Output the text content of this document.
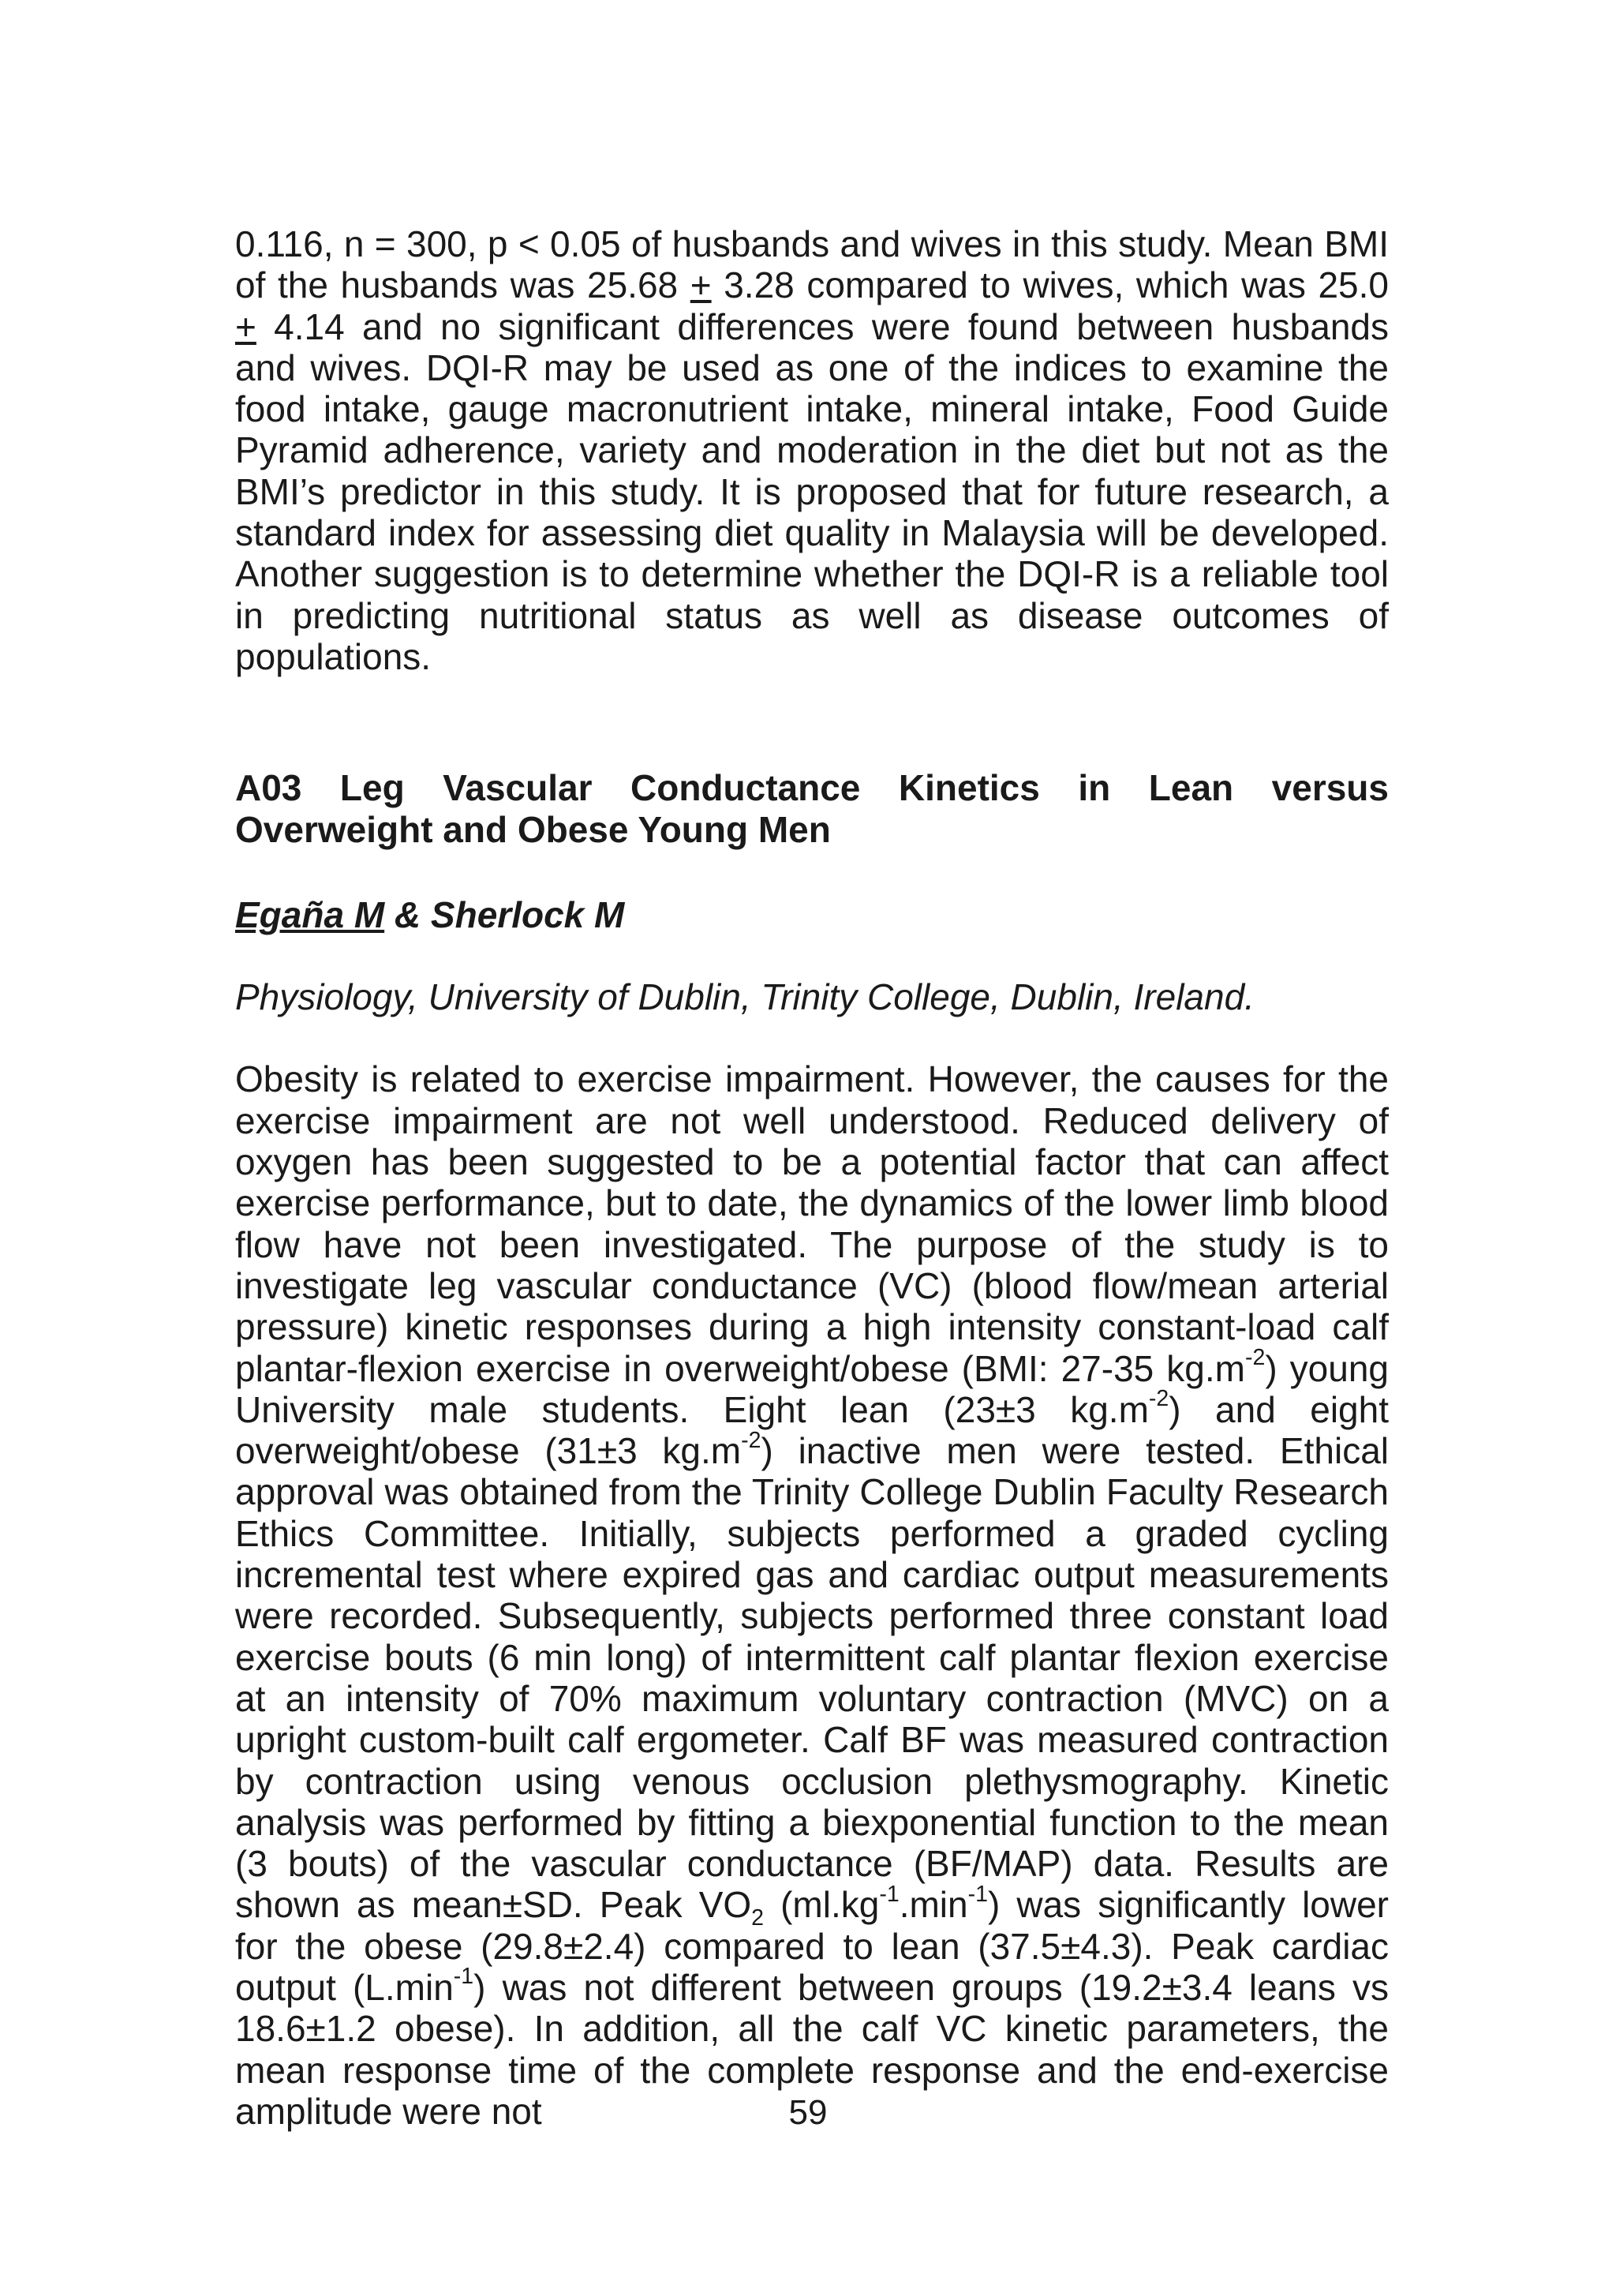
0.116, n = 300, p < 0.05 of husbands and wives in this study. Mean BMI of the husbands was 25.68 + 3.28 compared to wives, which was 25.0 + 4.14 and no significant differences were found between husbands and wives. DQI-R may be used as one of the indices to examine the food intake, gauge macronutrient intake, mineral intake, Food Guide Pyramid adherence, variety and moderation in the diet but not as the BMI’s predictor in this study. It is proposed that for future research, a standard index for assessing diet quality in Malaysia will be developed. Another suggestion is to determine whether the DQI-R is a reliable tool in predicting nutritional status as well as disease outcomes of populations.

A03 Leg Vascular Conductance Kinetics in Lean versus Overweight and Obese Young Men

Egaña M & Sherlock M

Physiology, University of Dublin, Trinity College, Dublin, Ireland.

Obesity is related to exercise impairment. However, the causes for the exercise impairment are not well understood. Reduced delivery of oxygen has been suggested to be a potential factor that can affect exercise performance, but to date, the dynamics of the lower limb blood flow have not been investigated. The purpose of the study is to investigate leg vascular conductance (VC) (blood flow/mean arterial pressure) kinetic responses during a high intensity constant-load calf plantar-flexion exercise in overweight/obese (BMI: 27-35 $kg.m^{-2}$) young University male students. Eight lean (23±3 $kg.m^{-2}$) and eight overweight/obese (31±3 $kg.m^{-2}$) inactive men were tested. Ethical approval was obtained from the Trinity College Dublin Faculty Research Ethics Committee. Initially, subjects performed a graded cycling incremental test where expired gas and cardiac output measurements were recorded. Subsequently, subjects performed three constant load exercise bouts (6 min long) of intermittent calf plantar flexion exercise at an intensity of 70% maximum voluntary contraction (MVC) on a upright custom-built calf ergometer. Calf BF was measured contraction by contraction using venous occlusion plethysmography. Kinetic analysis was performed by fitting a biexponential function to the mean (3 bouts) of the vascular conductance (BF/MAP) data. Results are shown as mean±SD. Peak $VO_2$ $(ml.kg^{-1}.\min^{-1})$ was significantly lower for the obese (29.8±2.4) compared to lean (37.5±4.3). Peak cardiac output $(L.\min^{-1})$ was not different between groups (19.2±3.4 leans vs 18.6±1.2 obese). In addition, all the calf VC kinetic parameters, the mean response time of the complete response and the end-exercise amplitude were not	59
